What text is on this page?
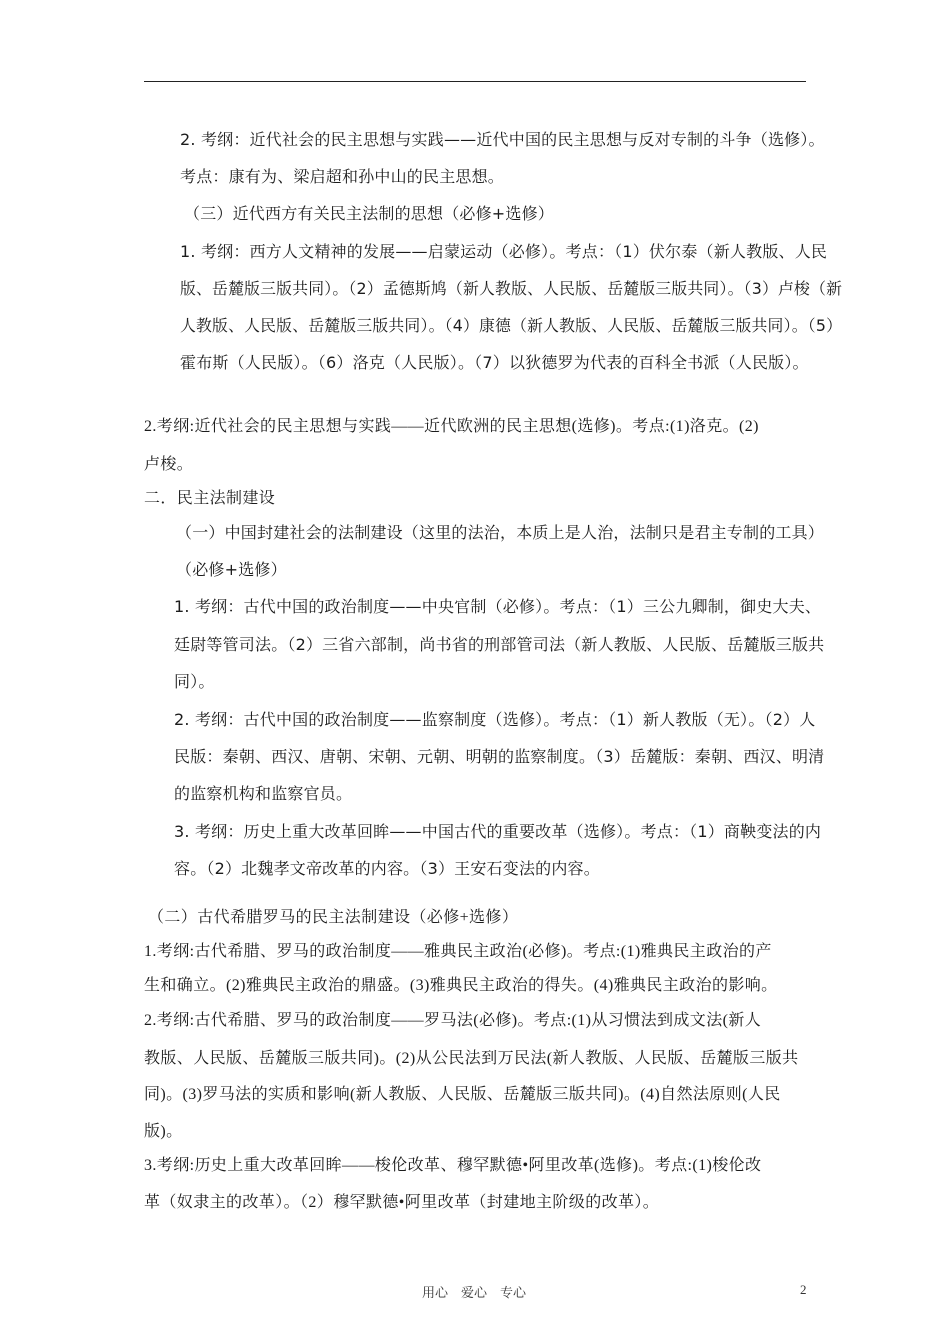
2. 考纲：近代社会的民主思想与实践——近代中国的民主思想与反对专制的斗争（选修）。

考点：康有为、梁启超和孙中山的民主思想。

（三）近代西方有关民主法制的思想（必修+选修）

1. 考纲：西方人文精神的发展——启蒙运动（必修）。考点：（1）伏尔泰（新人教版、人民

版、岳麓版三版共同）。（2）孟德斯鸠（新人教版、人民版、岳麓版三版共同）。（3）卢梭（新

人教版、人民版、岳麓版三版共同）。（4）康德（新人教版、人民版、岳麓版三版共同）。（5）

霍布斯（人民版）。（6）洛克（人民版）。（7）以狄德罗为代表的百科全书派（人民版）。

2.考纲:近代社会的民主思想与实践——近代欧洲的民主思想(选修)。考点:(1)洛克。(2)

卢梭。

二．民主法制建设

（一）中国封建社会的法制建设（这里的法治，本质上是人治，法制只是君主专制的工具）

（必修+选修）

1. 考纲：古代中国的政治制度——中央官制（必修）。考点：（1）三公九卿制，御史大夫、

廷尉等管司法。（2）三省六部制，尚书省的刑部管司法（新人教版、人民版、岳麓版三版共

同）。

2. 考纲：古代中国的政治制度——监察制度（选修）。考点：（1）新人教版（无）。（2）人

民版：秦朝、西汉、唐朝、宋朝、元朝、明朝的监察制度。（3）岳麓版：秦朝、西汉、明清

的监察机构和监察官员。

3. 考纲：历史上重大改革回眸——中国古代的重要改革（选修）。考点：（1）商鞅变法的内

容。（2）北魏孝文帝改革的内容。（3）王安石变法的内容。

（二）古代希腊罗马的民主法制建设（必修+选修）

1.考纲:古代希腊、罗马的政治制度——雅典民主政治(必修)。考点:(1)雅典民主政治的产

生和确立。(2)雅典民主政治的鼎盛。(3)雅典民主政治的得失。(4)雅典民主政治的影响。

2.考纲:古代希腊、罗马的政治制度——罗马法(必修)。考点:(1)从习惯法到成文法(新人

教版、人民版、岳麓版三版共同)。(2)从公民法到万民法(新人教版、人民版、岳麓版三版共

同)。(3)罗马法的实质和影响(新人教版、人民版、岳麓版三版共同)。(4)自然法原则(人民

版)。

3.考纲:历史上重大改革回眸——梭伦改革、穆罕默德•阿里改革(选修)。考点:(1)梭伦改

革（奴隶主的改革）。（2）穆罕默德•阿里改革（封建地主阶级的改革）。

用心　爱心　专心	2
